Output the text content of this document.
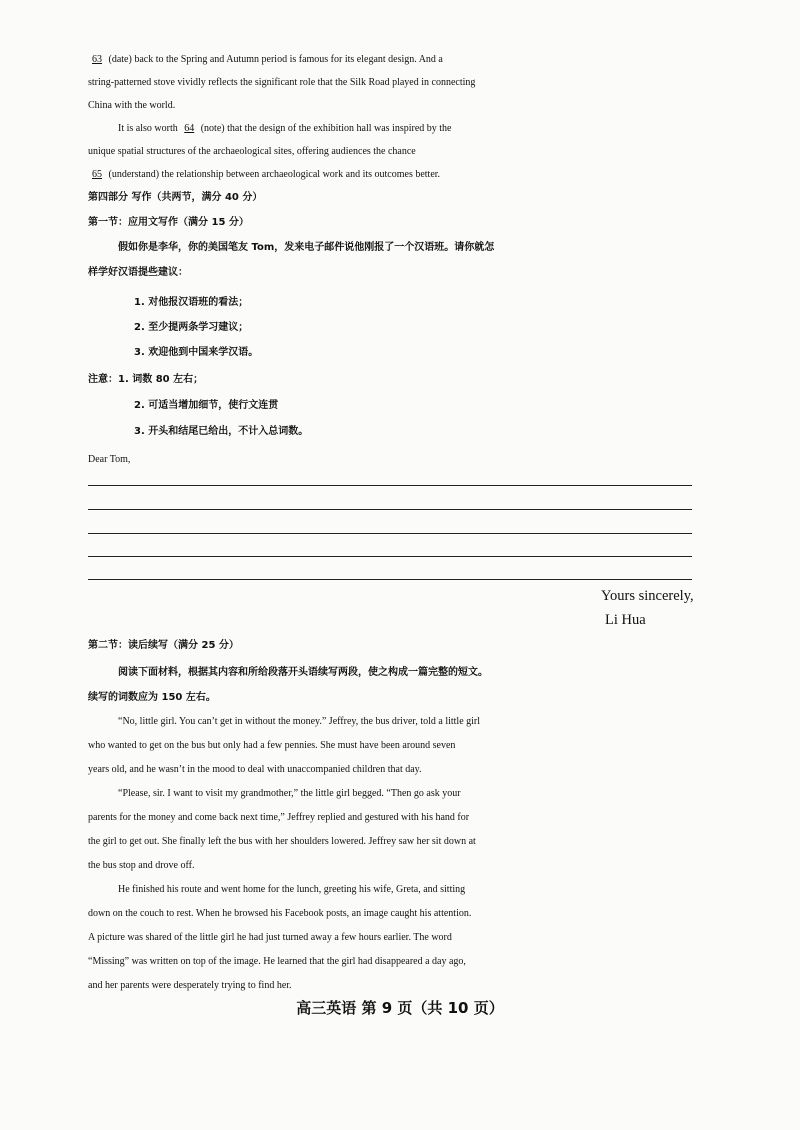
63 (date) back to the Spring and Autumn period is famous for its elegant design. And a
string-patterned stove vividly reflects the significant role that the Silk Road played in connecting
China with the world.
It is also worth 64 (note) that the design of the exhibition hall was inspired by the
unique spatial structures of the archaeological sites, offering audiences the chance
65 (understand) the relationship between archaeological work and its outcomes better.
第四部分 写作（共两节，满分 40 分）
第一节：应用文写作（满分 15 分）
假如你是李华，你的美国笔友 Tom，发来电子邮件说他刚报了一个汉语班。请你就怎
样学好汉语提些建议：
1. 对他报汉语班的看法；
2. 至少提两条学习建议；
3. 欢迎他到中国来学汉语。
注意：1. 词数 80 左右；
2. 可适当增加细节，使行文连贯
3. 开头和结尾已给出，不计入总词数。
Dear Tom,
Yours sincerely,
Li Hua
第二节：读后续写（满分 25 分）
阅读下面材料，根据其内容和所给段落开头语续写两段，使之构成一篇完整的短文。
续写的词数应为 150 左右。
“No, little girl. You can’t get in without the money.” Jeffrey, the bus driver, told a little girl
who wanted to get on the bus but only had a few pennies. She must have been around seven
years old, and he wasn’t in the mood to deal with unaccompanied children that day.
“Please, sir. I want to visit my grandmother,” the little girl begged. “Then go ask your
parents for the money and come back next time,” Jeffrey replied and gestured with his hand for
the girl to get out. She finally left the bus with her shoulders lowered. Jeffrey saw her sit down at
the bus stop and drove off.
He finished his route and went home for the lunch, greeting his wife, Greta, and sitting
down on the couch to rest. When he browsed his Facebook posts, an image caught his attention.
A picture was shared of the little girl he had just turned away a few hours earlier. The word
“Missing” was written on top of the image. He learned that the girl had disappeared a day ago,
and her parents were desperately trying to find her.
高三英语 第 9 页（共 10 页）
